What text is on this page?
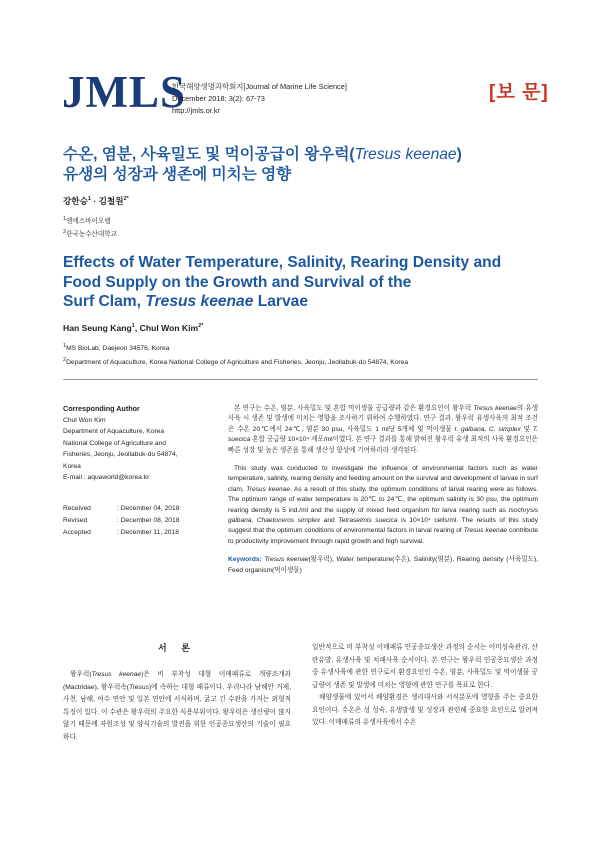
JMLS
한국해양생명과학회지[Journal of Marine Life Science]
December 2018; 3(2): 67-73
http://jmls.or.kr
[보 문]
수온, 염분, 사육밀도 및 먹이공급이 왕우럭(Tresus keenae)
유생의 성장과 생존에 미치는 영향
강한승$^1$ · 김철원$^{2*}$
$^1$엠에스바이오랩
$^2$한국농수산대학교
Effects of Water Temperature, Salinity, Rearing Density and
Food Supply on the Growth and Survival of the
Surf Clam, Tresus keenae Larvae
Han Seung Kang$^1$, Chul Won Kim$^{2*}$
$^1$MS BioLab, Daejeon 34576, Korea
$^2$Department of Aquaculture, Korea National College of Agriculture and Fisheries, Jeonju, Jeollabuk-do 54874, Korea
Corresponding Author
Chul Won Kim
Department of Aquaculture, Korea
National College of Agriculture and
Fisheries, Jeonju, Jeollabuk-do 54874,
Korea
E-mail : aquaworld@korea.kr
Received	: December 04, 2018
Revised	: December 08, 2018
Accepted	: December 11, 2018

본 연구는 수온, 염분, 사육밀도 및 혼합 먹이생물 공급량과 같은 환경요인이 왕우럭 Tresus keenae의 유생사육 시 생존 및 발생에 미치는 영향을 조사하기 위하여 수행하였다. 연구 결과, 왕우럭 유생사육의 최적 조건은 수온 20℃에서 24℃, 염분 30 psu, 사육밀도 1 ml당 5개체 및 먹이생물 I. galbana, C. simplex 및 T. suecica 혼합 공급량 10×10⁴ 세포/ml이였다. 본 연구 결과를 통해 밝혀진 왕우럭 유생 최적의 사육 환경요인은 빠른 성장 및 높은 생존을 통해 생산성 향상에 기여하리라 생각된다.

This study was conducted to investigate the influence of environmental factors such as water temperature, salinity, rearing density and feeding amount on the survival and development of larvae in surf clam, Tresus keenae. As a result of this study, the optimum conditions of larval rearing were as follows. The optimum range of water temperature is 20℃ to 24℃, the optimum salinity is 30 psu, the optimum rearing density is 5 ind./ml and the supply of mixed feed organism for larva rearing such as Isochrysis galbana, Chaetoceros simplex and Tetraselmis suecica is 10×10⁴ cells/ml. The results of this study suggest that the optimum conditions of environmental factors in larval rearing of Tresus keenae contribute to productivity improvement through rapid growth and high survival.

Keywords: Tresus keenae(왕우럭), Water temperature(수온), Salinity(염분), Rearing density (사육밀도), Feed organism(먹이생물)

서 론

왕우럭(Tresus keenae)은 비 부착성 대형 이매패류로 개량조개과 (Mactridae), 왕우럭속(Tresus)에 속하는 대형 패류이다. 우리나라 남해안 거제, 사천, 남해, 여수 연안 및 일본 연안에 서식하며, 굵고 긴 수관을 가지는 외형적 특징이 있다. 이 수관은 왕우럭의 주요한 식용부위이다. 왕우럭은 생산량이 많지 않기 때문에 자원조성 및 양식기술의 발전을 위한 인공종묘생산의 기술이 필요하다.

일반적으로 비 부착성 이매패류 인공종묘생산 과정의 순서는 어미성숙관리, 산란유발, 유생사육 및 치패사육 순서이다. 본 연구는 왕우럭 인공종묘생산 과정 중 유생사육에 관한 연구로서 환경요인인 수온, 염분, 사육밀도 및 먹이생물 공급량이 생존 및 발생에 미치는 영향에 관한 연구를 목표로 한다.

해양생물에 있어서 해양환경은 생리대사와 서식분포에 영향을 주는 중요한 요인이다. 수온은 성 성숙, 유생발생 및 성장과 관련해 중요한 요인으로 알려져 있다. 이매패류의 유생사육에서 수온
